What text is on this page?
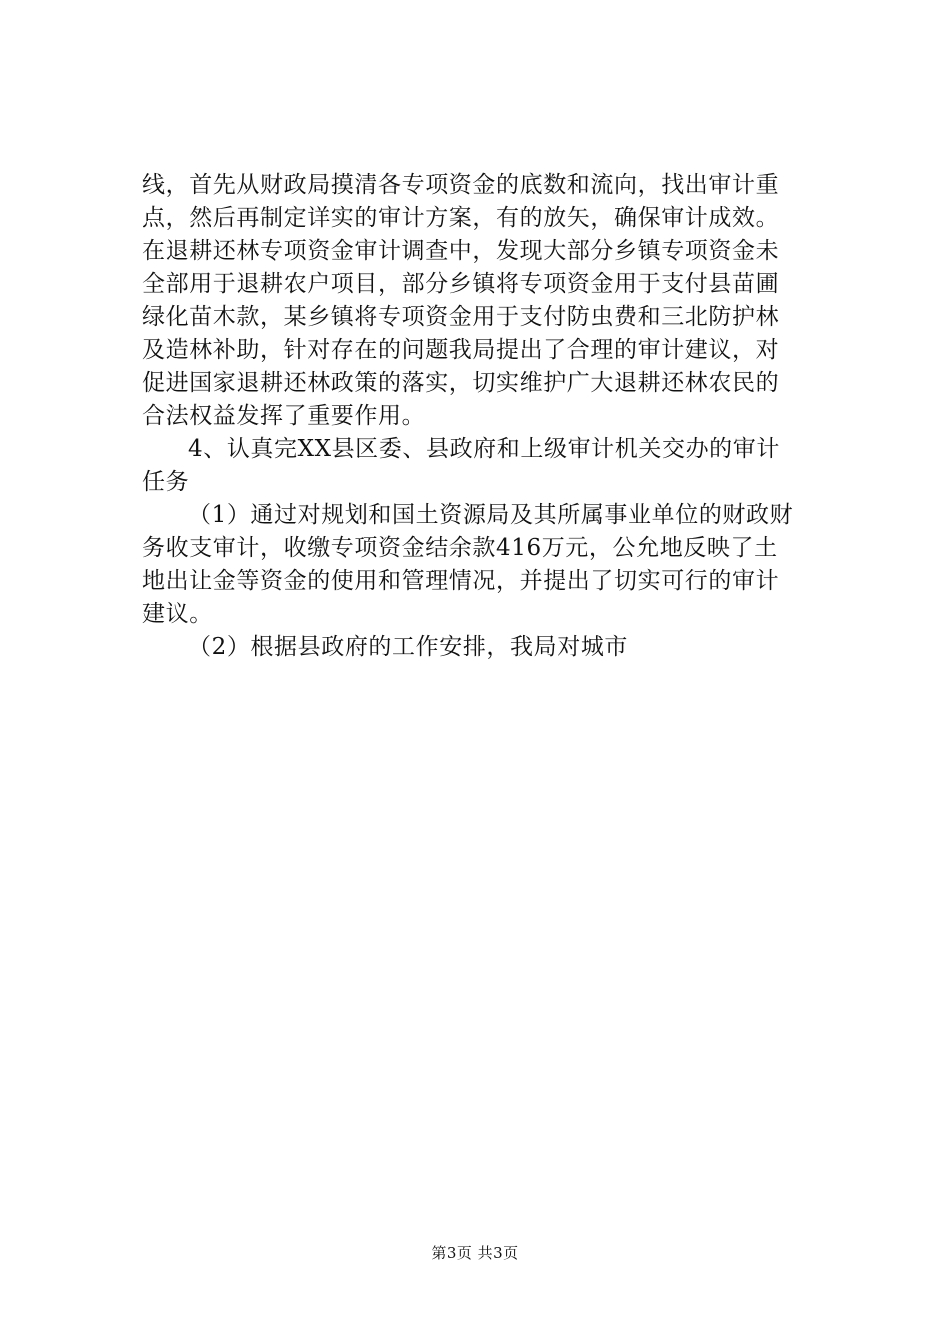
线，首先从财政局摸清各专项资金的底数和流向，找出审计重
点，然后再制定详实的审计方案，有的放矢，确保审计成效。
在退耕还林专项资金审计调查中，发现大部分乡镇专项资金未
全部用于退耕农户项目，部分乡镇将专项资金用于支付县苗圃
绿化苗木款，某乡镇将专项资金用于支付防虫费和三北防护林
及造林补助，针对存在的问题我局提出了合理的审计建议，对
促进国家退耕还林政策的落实，切实维护广大退耕还林农民的
合法权益发挥了重要作用。
4、认真完XX县区委、县政府和上级审计机关交办的审计
任务
（1）通过对规划和国土资源局及其所属事业单位的财政财
务收支审计，收缴专项资金结余款416万元，公允地反映了土
地出让金等资金的使用和管理情况，并提出了切实可行的审计
建议。
（2）根据县政府的工作安排，我局对城市
第3页 共3页
